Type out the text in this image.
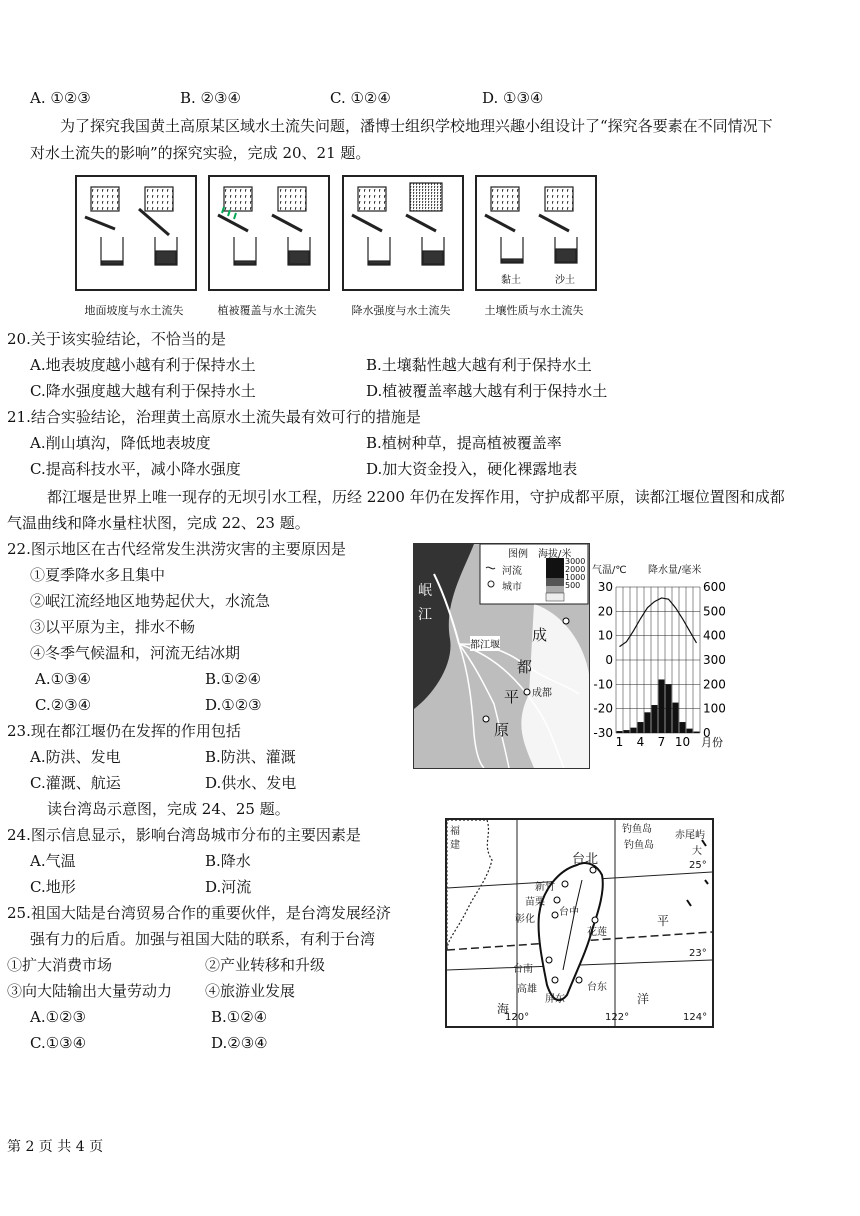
A. ①②③	B. ②③④	C. ①②④	D. ①③④
为了探究我国黄土高原某区域水土流失问题，潘博士组织学校地理兴趣小组设计了“探究各要素在不同情况下
对水土流失的影响”的探究实验，完成 20、21 题。
黏土	沙土
地面坡度与水土流失	植被覆盖与水土流失	降水强度与水土流失	土壤性质与水土流失
20.关于该实验结论，不恰当的是
A.地表坡度越小越有利于保持水土	B.土壤黏性越大越有利于保持水土
C.降水强度越大越有利于保持水土	D.植被覆盖率越大越有利于保持水土
21.结合实验结论，治理黄土高原水土流失最有效可行的措施是
A.削山填沟，降低地表坡度	B.植树种草，提高植被覆盖率
C.提高科技水平，减小降水强度	D.加大资金投入，硬化裸露地表
都江堰是世界上唯一现存的无坝引水工程，历经 2200 年仍在发挥作用，守护成都平原，读都江堰位置图和成都
气温曲线和降水量柱状图，完成 22、23 题。
22.图示地区在古代经常发生洪涝灾害的主要原因是
①夏季降水多且集中
②岷江流经地区地势起伏大，水流急
③以平原为主，排水不畅
④冬季气候温和，河流无结冰期
A.①③④	B.①②④
C.②③④	D.①②③
图例 海拔/米
河流
城市
3000
2000
1000
500
岷
江
都江堰
成
都
平
原
成都
气温/℃ 降水量/毫米
30
20
10
0
-10
-20
-30
600
500
400
300
200
100
0
1 4 7 10 月份
23.现在都江堰仍在发挥的作用包括
A.防洪、发电	B.防洪、灌溉
C.灌溉、航运	D.供水、发电
读台湾岛示意图，完成 24、25 题。
24.图示信息显示，影响台湾岛城市分布的主要因素是
A.气温	B.降水
C.地形	D.河流
25.祖国大陆是台湾贸易合作的重要伙伴，是台湾发展经济
强有力的后盾。加强与祖国大陆的联系，有利于台湾
①扩大消费市场	②产业转移和升级
③向大陆输出大量劳动力 ④旅游业发展
A.①②③	B.①②④
C.①③④	D.②③④
福
建
钓鱼岛
钓鱼岛
赤尾屿
大
台北
新竹
苗栗
台中
彰化
花莲
台南
高雄
屏东
台东
洋
平
海
25°
23°
120°	122°	124°
第 2 页 共 4 页
